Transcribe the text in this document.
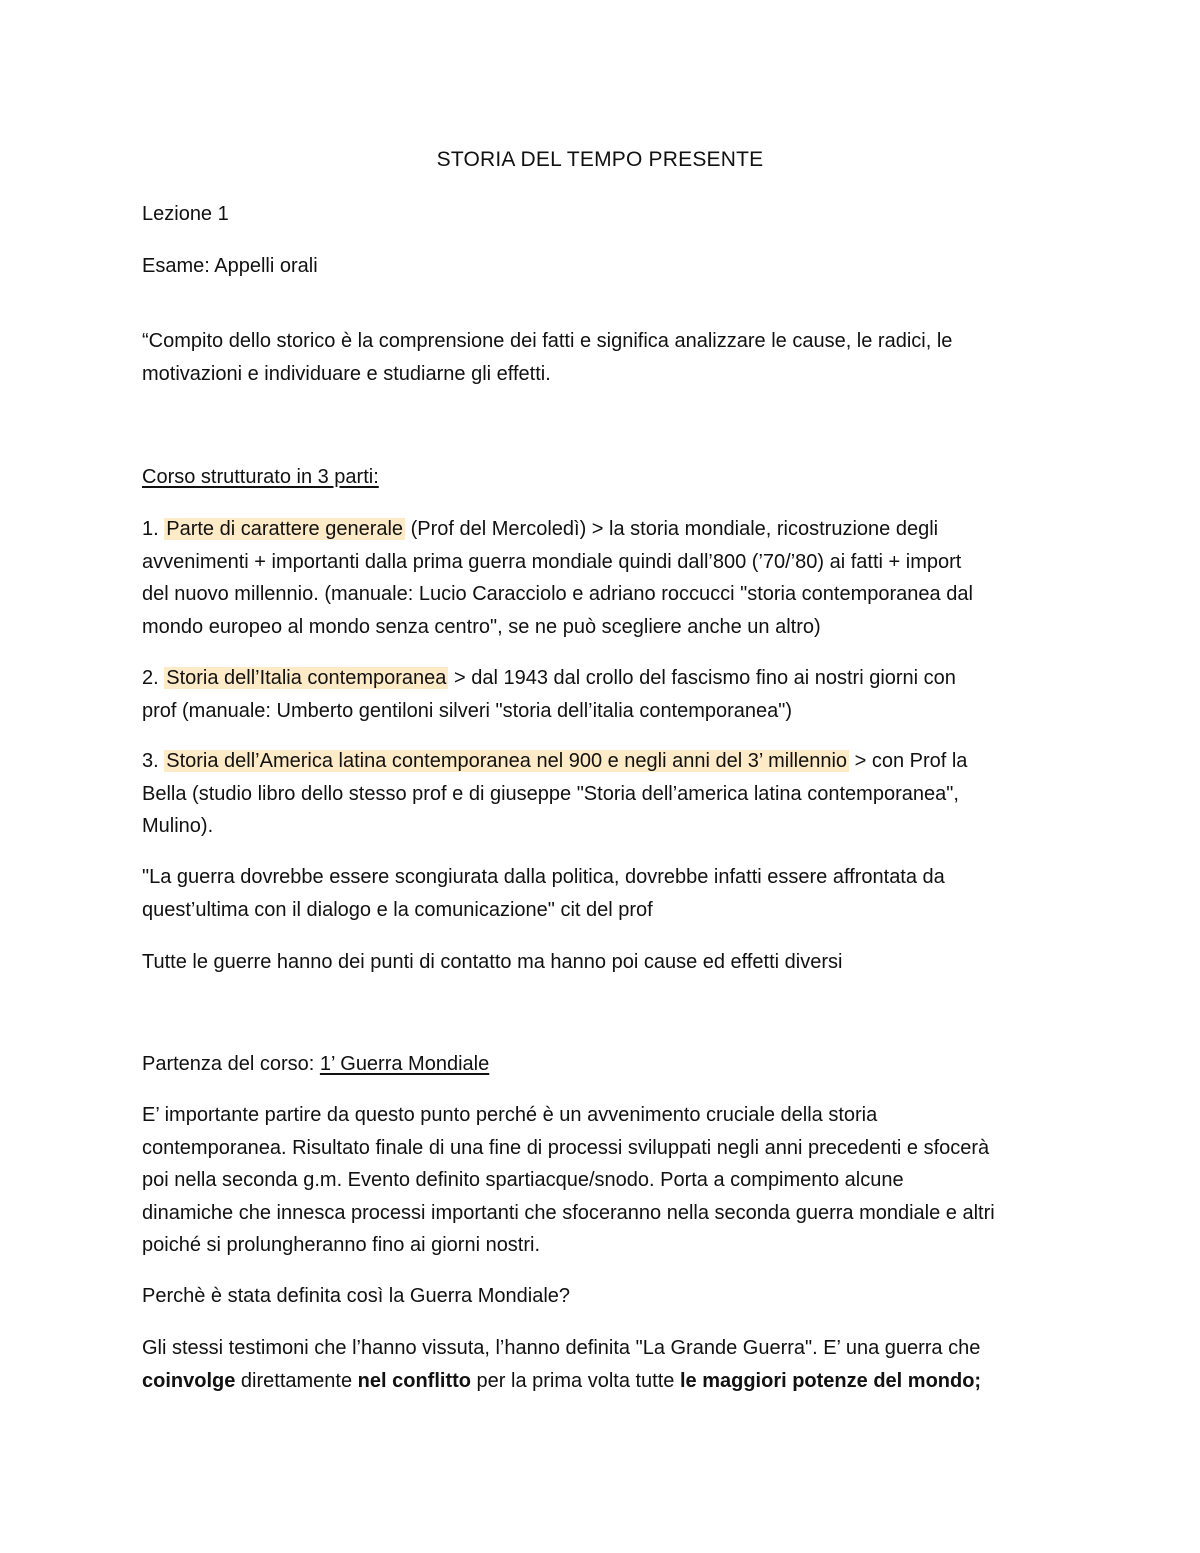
STORIA DEL TEMPO PRESENTE
Lezione 1
Esame: Appelli orali
“Compito dello storico è la comprensione dei fatti e significa analizzare le cause, le radici, le
motivazioni e individuare e studiarne gli effetti.
Corso strutturato in 3 parti:
1. Parte di carattere generale (Prof del Mercoledì) > la storia mondiale, ricostruzione degli
avvenimenti + importanti dalla prima guerra mondiale quindi dall’800 (’70/’80) ai fatti + import
del nuovo millennio. (manuale: Lucio Caracciolo e adriano roccucci "storia contemporanea dal
mondo europeo al mondo senza centro", se ne può scegliere anche un altro)
2. Storia dell’Italia contemporanea > dal 1943 dal crollo del fascismo fino ai nostri giorni con
prof (manuale: Umberto gentiloni silveri "storia dell’italia contemporanea")
3. Storia dell’America latina contemporanea nel 900 e negli anni del 3’ millennio > con Prof la
Bella (studio libro dello stesso prof e di giuseppe "Storia dell’america latina contemporanea",
Mulino).
"La guerra dovrebbe essere scongiurata dalla politica, dovrebbe infatti essere affrontata da
quest’ultima con il dialogo e la comunicazione" cit del prof
Tutte le guerre hanno dei punti di contatto ma hanno poi cause ed effetti diversi
Partenza del corso: 1’ Guerra Mondiale
E’ importante partire da questo punto perché è un avvenimento cruciale della storia
contemporanea. Risultato finale di una fine di processi sviluppati negli anni precedenti e sfocerà
poi nella seconda g.m. Evento definito spartiacque/snodo. Porta a compimento alcune
dinamiche che innesca processi importanti che sfoceranno nella seconda guerra mondiale e altri
poiché si prolungheranno fino ai giorni nostri.
Perchè è stata definita così la Guerra Mondiale?
Gli stessi testimoni che l’hanno vissuta, l’hanno definita "La Grande Guerra". E’ una guerra che
coinvolge direttamente nel conflitto per la prima volta tutte le maggiori potenze del mondo;
